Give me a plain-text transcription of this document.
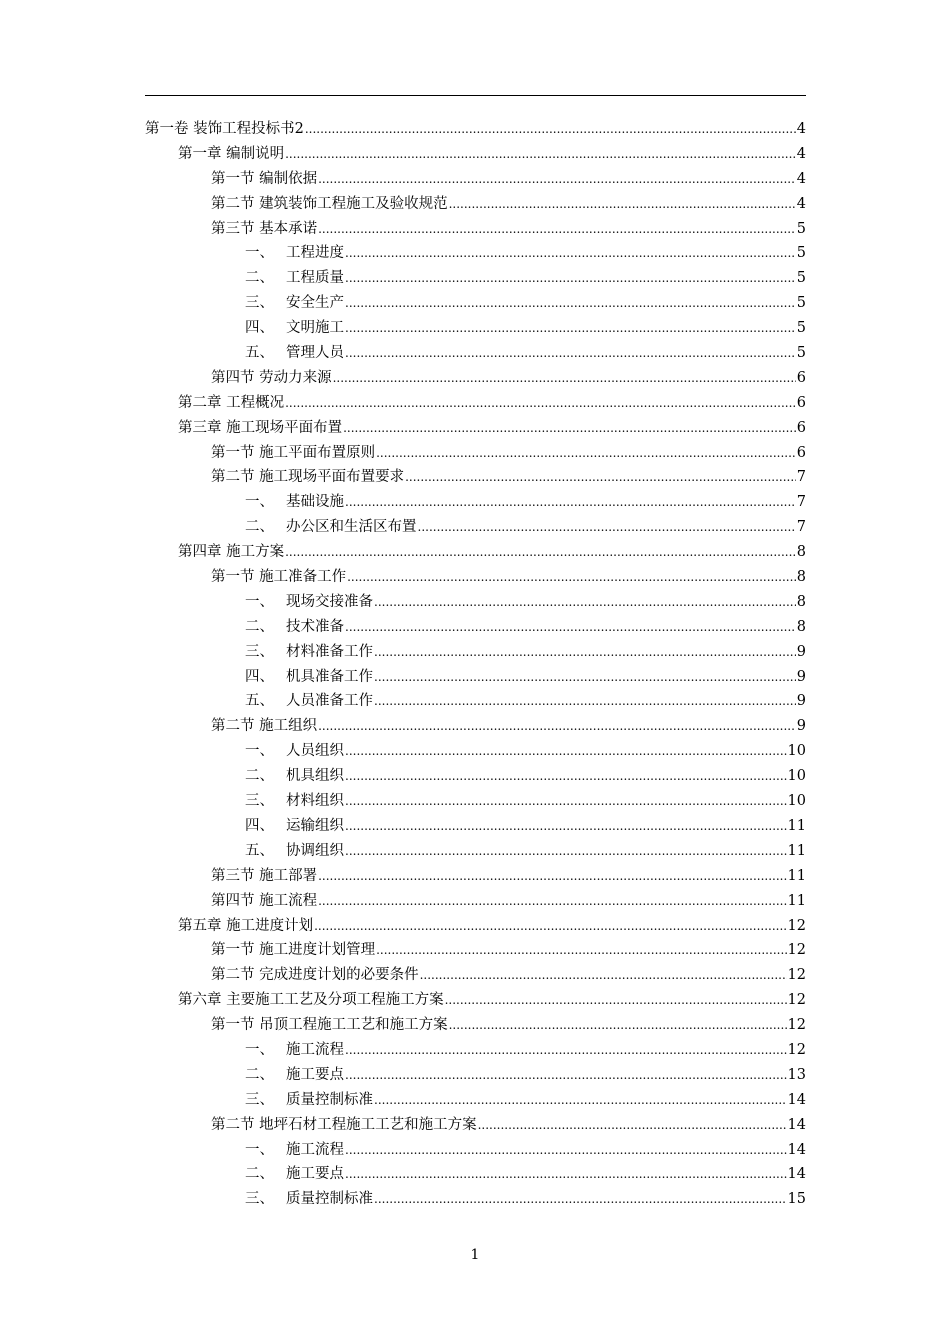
第一卷 装饰工程投标书2 .....	4
第一章 编制说明 .....	4
第一节 编制依据 .....	4
第二节 建筑装饰工程施工及验收规范 .....	4
第三节 基本承诺 .....	5
一、 工程进度 .....	5
二、 工程质量 .....	5
三、 安全生产 .....	5
四、 文明施工 .....	5
五、 管理人员 .....	5
第四节 劳动力来源 .....	6
第二章 工程概况 .....	6
第三章 施工现场平面布置 .....	6
第一节 施工平面布置原则 .....	6
第二节 施工现场平面布置要求 .....	7
一、 基础设施 .....	7
二、 办公区和生活区布置 .....	7
第四章 施工方案 .....	8
第一节 施工准备工作 .....	8
一、 现场交接准备 .....	8
二、 技术准备 .....	8
三、 材料准备工作 .....	9
四、 机具准备工作 .....	9
五、 人员准备工作 .....	9
第二节 施工组织 .....	9
一、 人员组织 .....	10
二、 机具组织 .....	10
三、 材料组织 .....	10
四、 运输组织 .....	11
五、 协调组织 .....	11
第三节 施工部署 .....	11
第四节 施工流程 .....	11
第五章 施工进度计划 .....	12
第一节 施工进度计划管理 .....	12
第二节 完成进度计划的必要条件 .....	12
第六章 主要施工工艺及分项工程施工方案 .....	12
第一节 吊顶工程施工工艺和施工方案 .....	12
一、 施工流程 .....	12
二、 施工要点 .....	13
三、 质量控制标准 .....	14
第二节 地坪石材工程施工工艺和施工方案 .....	14
一、 施工流程 .....	14
二、 施工要点 .....	14
三、 质量控制标准 .....	15
1
